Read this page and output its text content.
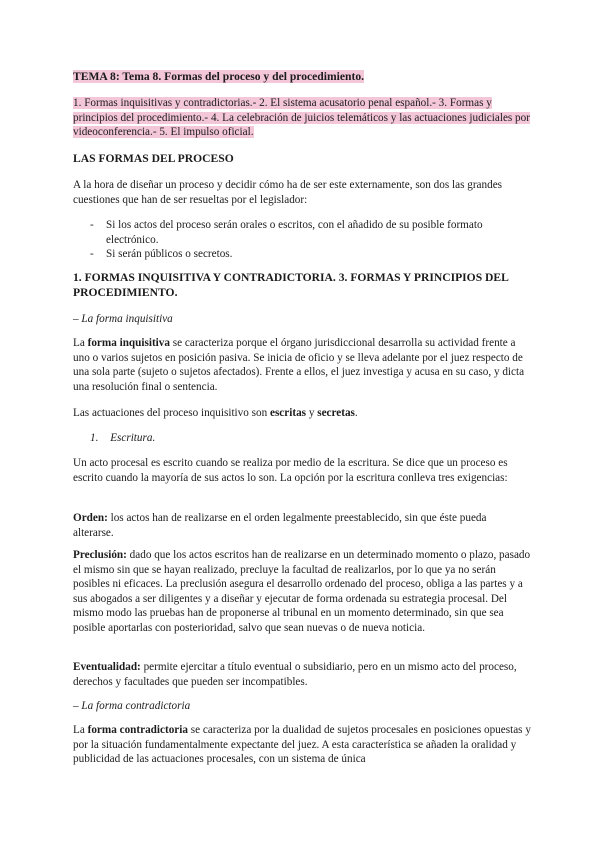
TEMA 8: Tema 8. Formas del proceso y del procedimiento.
1. Formas inquisitivas y contradictorias.- 2. El sistema acusatorio penal español.- 3. Formas y principios del procedimiento.- 4. La celebración de juicios telemáticos y las actuaciones judiciales por videoconferencia.- 5. El impulso oficial.
LAS FORMAS DEL PROCESO

A la hora de diseñar un proceso y decidir cómo ha de ser este externamente, son dos las grandes cuestiones que han de ser resueltas por el legislador:

- Si los actos del proceso serán orales o escritos, con el añadido de su posible formato electrónico.
- Si serán públicos o secretos.
1. FORMAS INQUISITIVA Y CONTRADICTORIA. 3. FORMAS Y PRINCIPIOS DEL PROCEDIMIENTO.
– La forma inquisitiva
La forma inquisitiva se caracteriza porque el órgano jurisdiccional desarrolla su actividad frente a uno o varios sujetos en posición pasiva. Se inicia de oficio y se lleva adelante por el juez respecto de una sola parte (sujeto o sujetos afectados). Frente a ellos, el juez investiga y acusa en su caso, y dicta una resolución final o sentencia.
Las actuaciones del proceso inquisitivo son escritas y secretas.
1. Escritura.
Un acto procesal es escrito cuando se realiza por medio de la escritura. Se dice que un proceso es escrito cuando la mayoría de sus actos lo son. La opción por la escritura conlleva tres exigencias:
Orden: los actos han de realizarse en el orden legalmente preestablecido, sin que éste pueda alterarse.
Preclusión: dado que los actos escritos han de realizarse en un determinado momento o plazo, pasado el mismo sin que se hayan realizado, precluye la facultad de realizarlos, por lo que ya no serán posibles ni eficaces. La preclusión asegura el desarrollo ordenado del proceso, obliga a las partes y a sus abogados a ser diligentes y a diseñar y ejecutar de forma ordenada su estrategia procesal. Del mismo modo las pruebas han de proponerse al tribunal en un momento determinado, sin que sea posible aportarlas con posterioridad, salvo que sean nuevas o de nueva noticia.
Eventualidad: permite ejercitar a título eventual o subsidiario, pero en un mismo acto del proceso, derechos y facultades que pueden ser incompatibles.
– La forma contradictoria
La forma contradictoria se caracteriza por la dualidad de sujetos procesales en posiciones opuestas y por la situación fundamentalmente expectante del juez. A esta característica se añaden la oralidad y publicidad de las actuaciones procesales, con un sistema de única
